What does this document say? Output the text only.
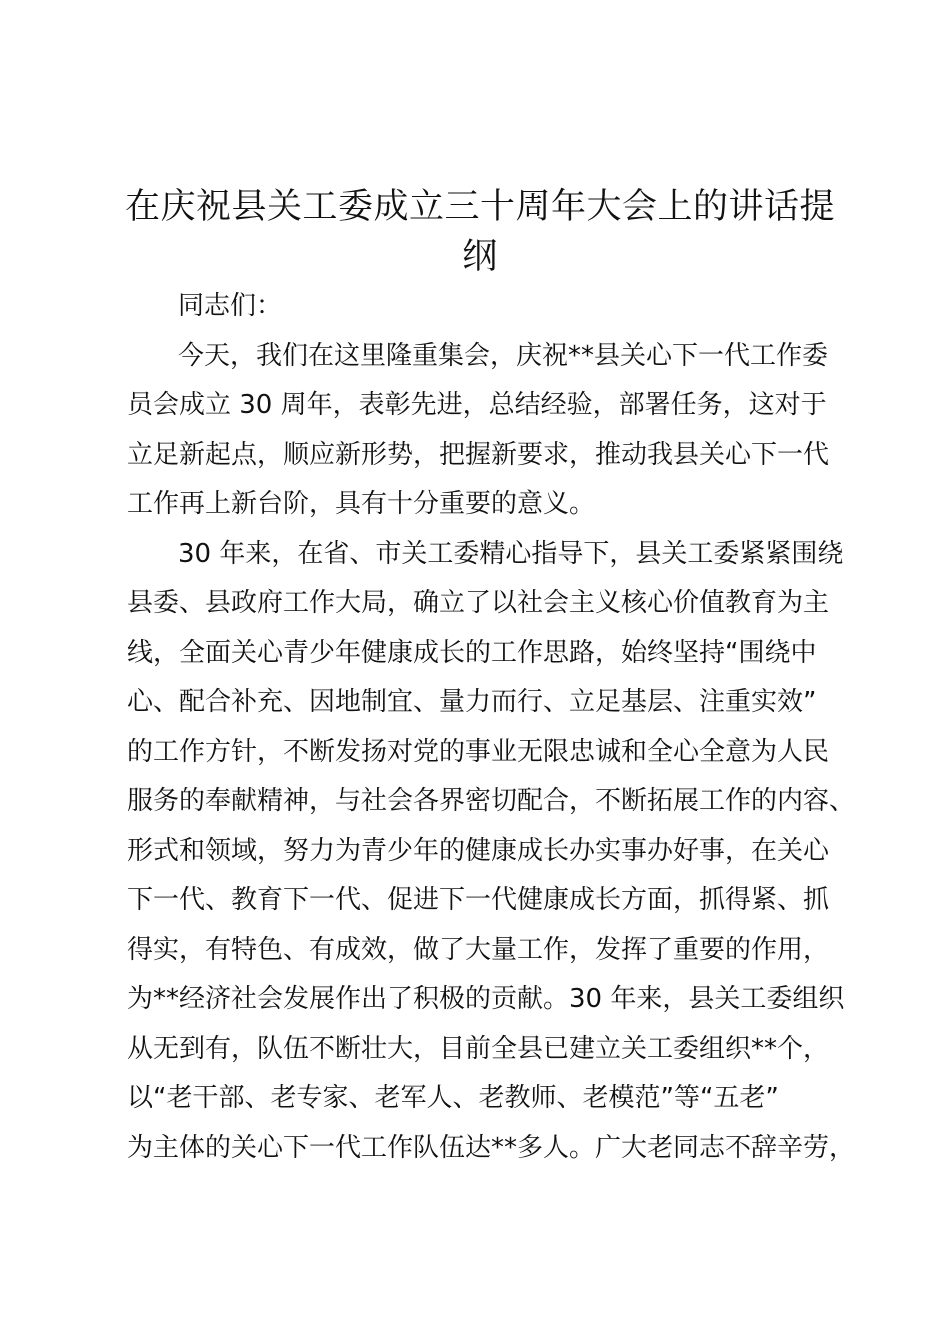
在庆祝县关工委成立三十周年大会上的讲话提
纲
同志们：
今天，我们在这里隆重集会，庆祝**县关心下一代工作委
员会成立 30 周年，表彰先进，总结经验，部署任务，这对于
立足新起点，顺应新形势，把握新要求，推动我县关心下一代
工作再上新台阶，具有十分重要的意义。
30 年来，在省、市关工委精心指导下，县关工委紧紧围绕
县委、县政府工作大局，确立了以社会主义核心价值教育为主
线，全面关心青少年健康成长的工作思路，始终坚持“围绕中
心、配合补充、因地制宜、量力而行、立足基层、注重实效”
的工作方针，不断发扬对党的事业无限忠诚和全心全意为人民
服务的奉献精神，与社会各界密切配合，不断拓展工作的内容、
形式和领域，努力为青少年的健康成长办实事办好事，在关心
下一代、教育下一代、促进下一代健康成长方面，抓得紧、抓
得实，有特色、有成效，做了大量工作，发挥了重要的作用，
为**经济社会发展作出了积极的贡献。30 年来，县关工委组织
从无到有，队伍不断壮大，目前全县已建立关工委组织**个，
以“老干部、老专家、老军人、老教师、老模范”等“五老”
为主体的关心下一代工作队伍达**多人。广大老同志不辞辛劳，
